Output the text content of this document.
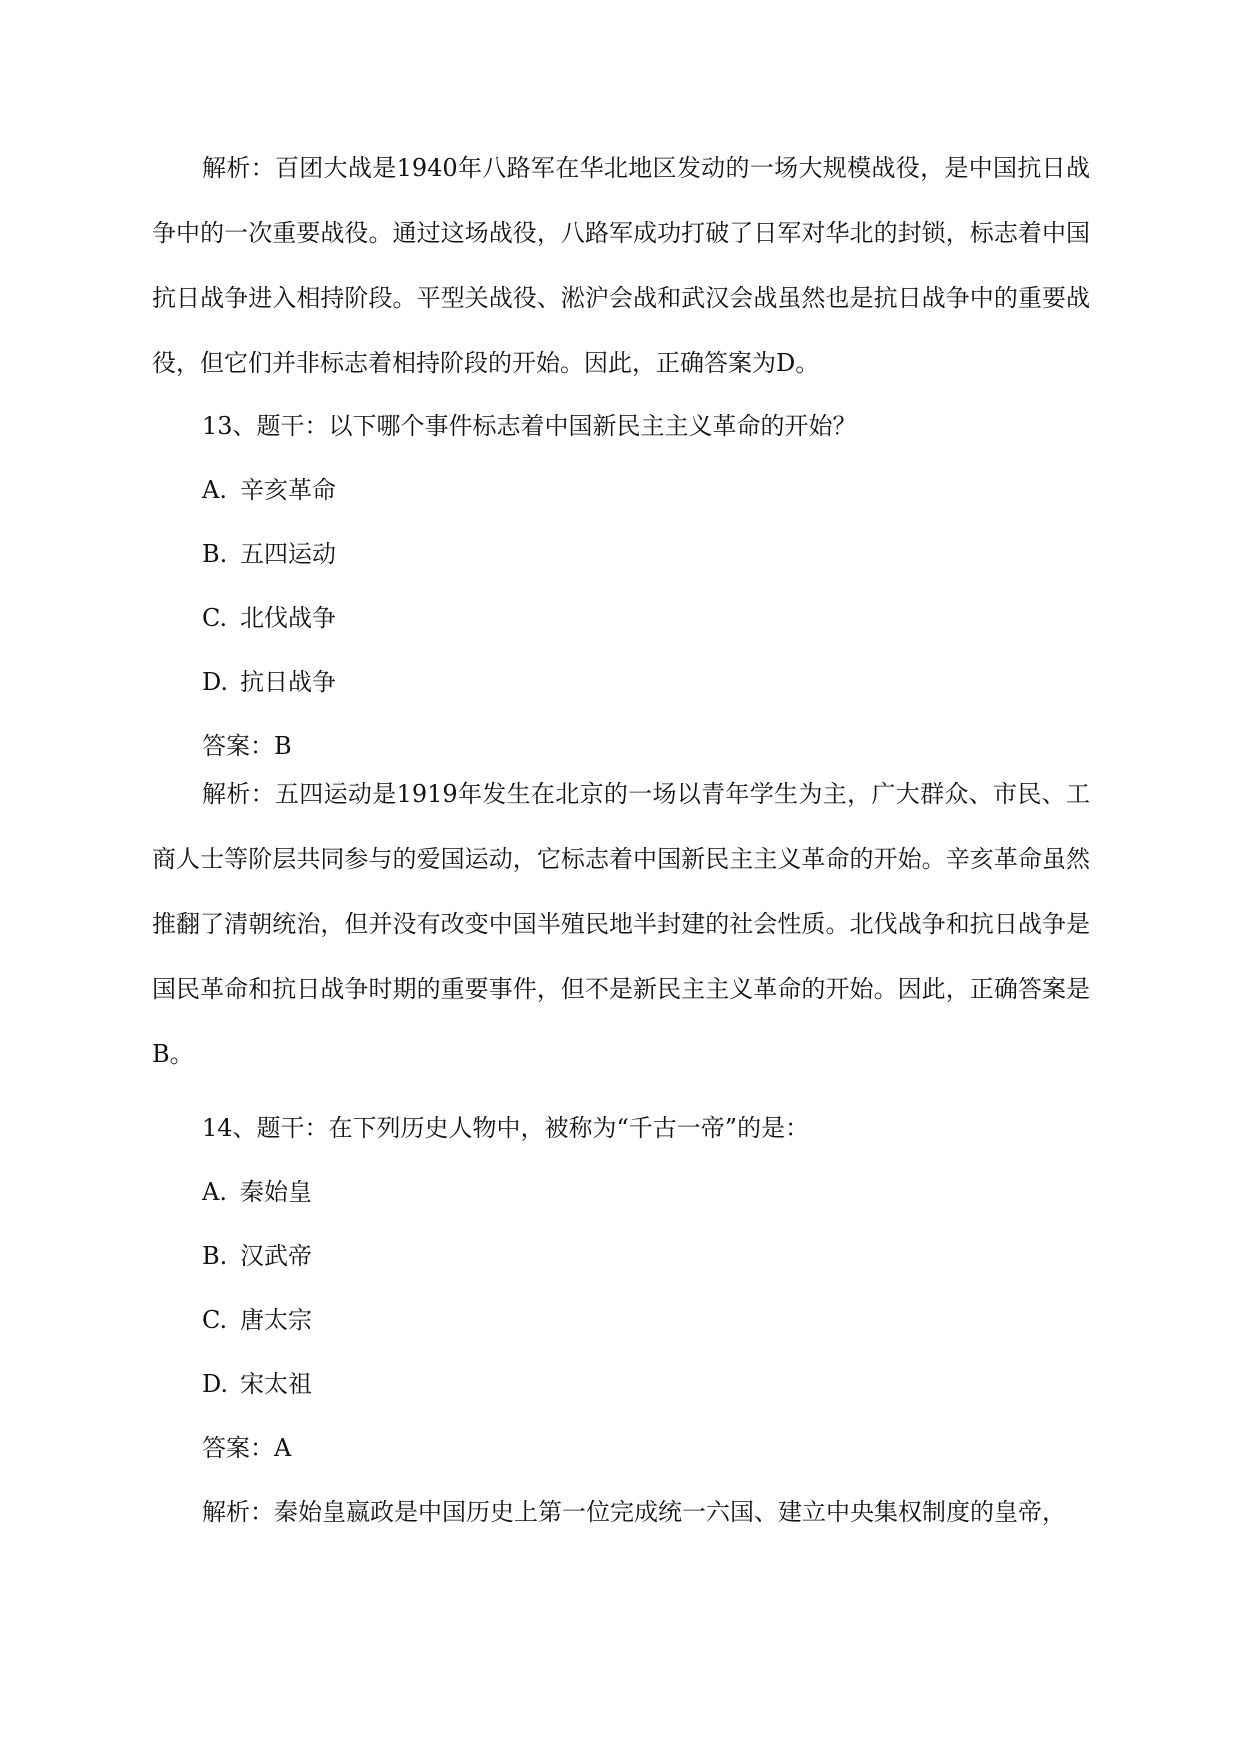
解析：百团大战是1940年八路军在华北地区发动的一场大规模战役，是中国抗日战争中的一次重要战役。通过这场战役，八路军成功打破了日军对华北的封锁，标志着中国抗日战争进入相持阶段。平型关战役、淞沪会战和武汉会战虽然也是抗日战争中的重要战役，但它们并非标志着相持阶段的开始。因此，正确答案为D。

13、题干：以下哪个事件标志着中国新民主主义革命的开始？

A. 辛亥革命

B. 五四运动

C. 北伐战争

D. 抗日战争

答案：B

解析：五四运动是1919年发生在北京的一场以青年学生为主，广大群众、市民、工商人士等阶层共同参与的爱国运动，它标志着中国新民主主义革命的开始。辛亥革命虽然推翻了清朝统治，但并没有改变中国半殖民地半封建的社会性质。北伐战争和抗日战争是国民革命和抗日战争时期的重要事件，但不是新民主主义革命的开始。因此，正确答案是B。

14、题干：在下列历史人物中，被称为“千古一帝”的是：

A. 秦始皇

B. 汉武帝

C. 唐太宗

D. 宋太祖

答案：A

解析：秦始皇嬴政是中国历史上第一位完成统一六国、建立中央集权制度的皇帝，
